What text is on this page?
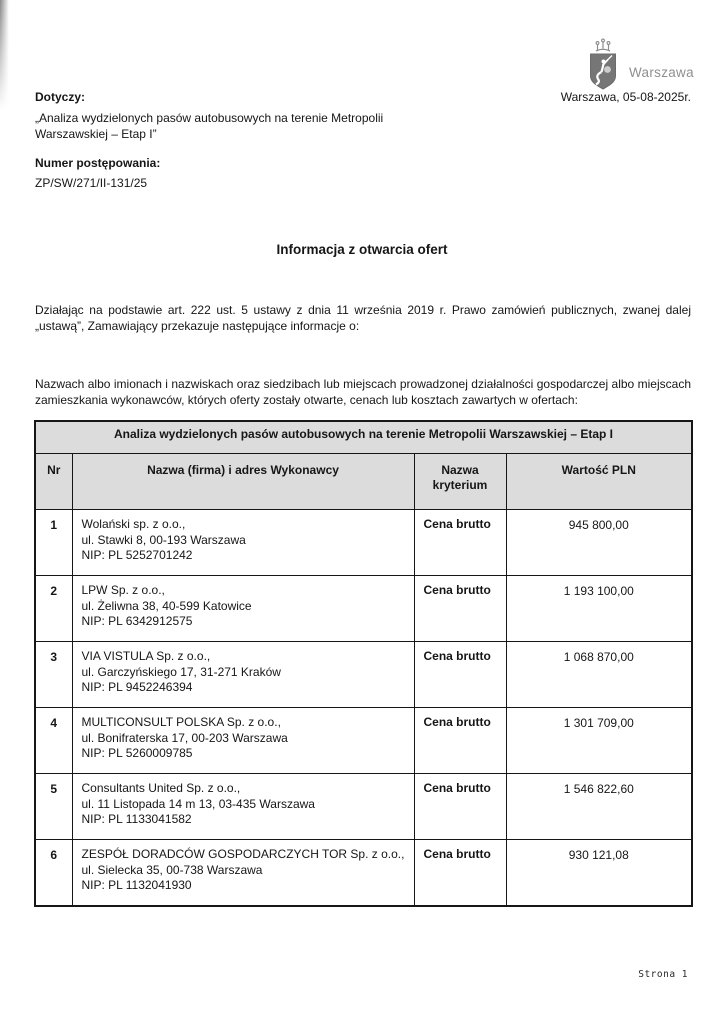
Warszawa
Dotyczy:	Warszawa, 05-08-2025r.
„Analiza wydzielonych pasów autobusowych na terenie Metropolii
Warszawskiej – Etap I”
Numer postępowania:
ZP/SW/271/II-131/25
Informacja z otwarcia ofert
Działając na podstawie art. 222 ust. 5 ustawy z dnia 11 września 2019 r. Prawo zamówień publicznych, zwanej dalej „ustawą”, Zamawiający przekazuje następujące informacje o:
Nazwach albo imionach i nazwiskach oraz siedzibach lub miejscach prowadzonej działalności gospodarczej albo miejscach zamieszkania wykonawców, których oferty zostały otwarte, cenach lub kosztach zawartych w ofertach:
Analiza wydzielonych pasów autobusowych na terenie Metropolii Warszawskiej – Etap I			
Nr	Nazwa (firma) i adres Wykonawcy	Nazwa kryterium	Wartość PLN
1	Wolański sp. z o.o.,
ul. Stawki 8, 00-193 Warszawa
NIP: PL 5252701242	Cena brutto	945 800,00
2	LPW Sp. z o.o.,
ul. Żeliwna 38, 40-599 Katowice
NIP: PL 6342912575	Cena brutto	1 193 100,00
3	VIA VISTULA Sp. z o.o.,
ul. Garczyńskiego 17, 31-271 Kraków
NIP: PL 9452246394	Cena brutto	1 068 870,00
4	MULTICONSULT POLSKA Sp. z o.o.,
ul. Bonifraterska 17, 00-203 Warszawa
NIP: PL 5260009785	Cena brutto	1 301 709,00
5	Consultants United Sp. z o.o.,
ul. 11 Listopada 14 m 13, 03-435 Warszawa
NIP: PL 1133041582	Cena brutto	1 546 822,60
6	ZESPÓŁ DORADCÓW GOSPODARCZYCH TOR Sp. z o.o.,
ul. Sielecka 35, 00-738 Warszawa
NIP: PL 1132041930	Cena brutto	930 121,08
Strona 1
